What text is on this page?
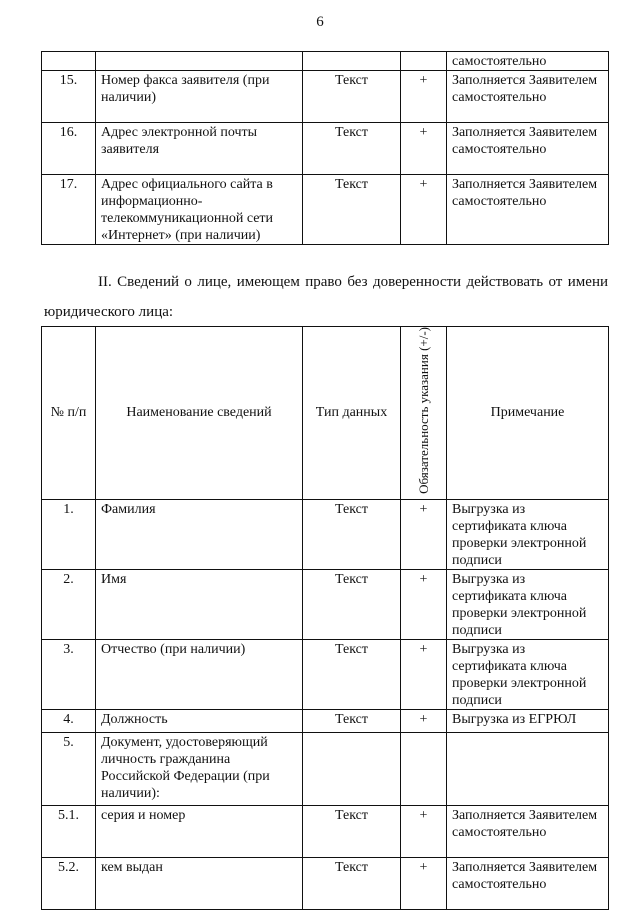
6
				самостоятельно
15.	Номер факса заявителя (при наличии)	Текст	+	Заполняется Заявителем самостоятельно
16.	Адрес электронной почты заявителя	Текст	+	Заполняется Заявителем самостоятельно
17.	Адрес официального сайта в информационно-телекоммуникационной сети «Интернет» (при наличии)	Текст	+	Заполняется Заявителем самостоятельно

II. Сведений о лице, имеющем право без доверенности действовать от имени

юридического лица:

№ п/п	Наименование сведений	Тип данных	Обязательность указания (+/-)	Примечание
1.	Фамилия	Текст	+	Выгрузка из сертификата ключа проверки электронной подписи
2.	Имя	Текст	+	Выгрузка из сертификата ключа проверки электронной подписи
3.	Отчество (при наличии)	Текст	+	Выгрузка из сертификата ключа проверки электронной подписи
4.	Должность	Текст	+	Выгрузка из ЕГРЮЛ
5.	Документ, удостоверяющий личность гражданина Российской Федерации (при наличии):			
5.1.	серия и номер	Текст	+	Заполняется Заявителем самостоятельно
5.2.	кем выдан	Текст	+	Заполняется Заявителем самостоятельно
